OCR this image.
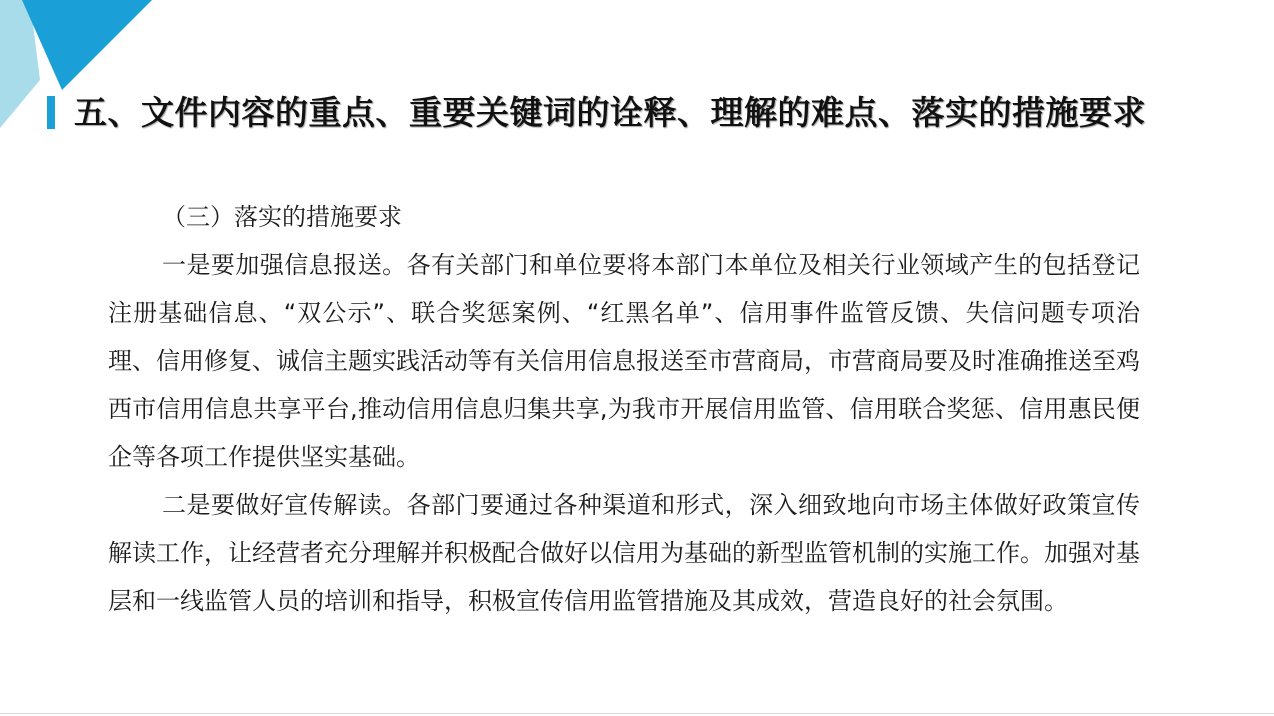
五、文件内容的重点、重要关键词的诠释、理解的难点、落实的措施要求

（三）落实的措施要求

一是要加强信息报送。各有关部门和单位要将本部门本单位及相关行业领域产生的包括登记注册基础信息、“双公示”、联合奖惩案例、“红黑名单”、信用事件监管反馈、失信问题专项治理、信用修复、诚信主题实践活动等有关信用信息报送至市营商局，市营商局要及时准确推送至鸡西市信用信息共享平台,推动信用信息归集共享,为我市开展信用监管、信用联合奖惩、信用惠民便企等各项工作提供坚实基础。

二是要做好宣传解读。各部门要通过各种渠道和形式，深入细致地向市场主体做好政策宣传解读工作，让经营者充分理解并积极配合做好以信用为基础的新型监管机制的实施工作。加强对基层和一线监管人员的培训和指导，积极宣传信用监管措施及其成效，营造良好的社会氛围。
